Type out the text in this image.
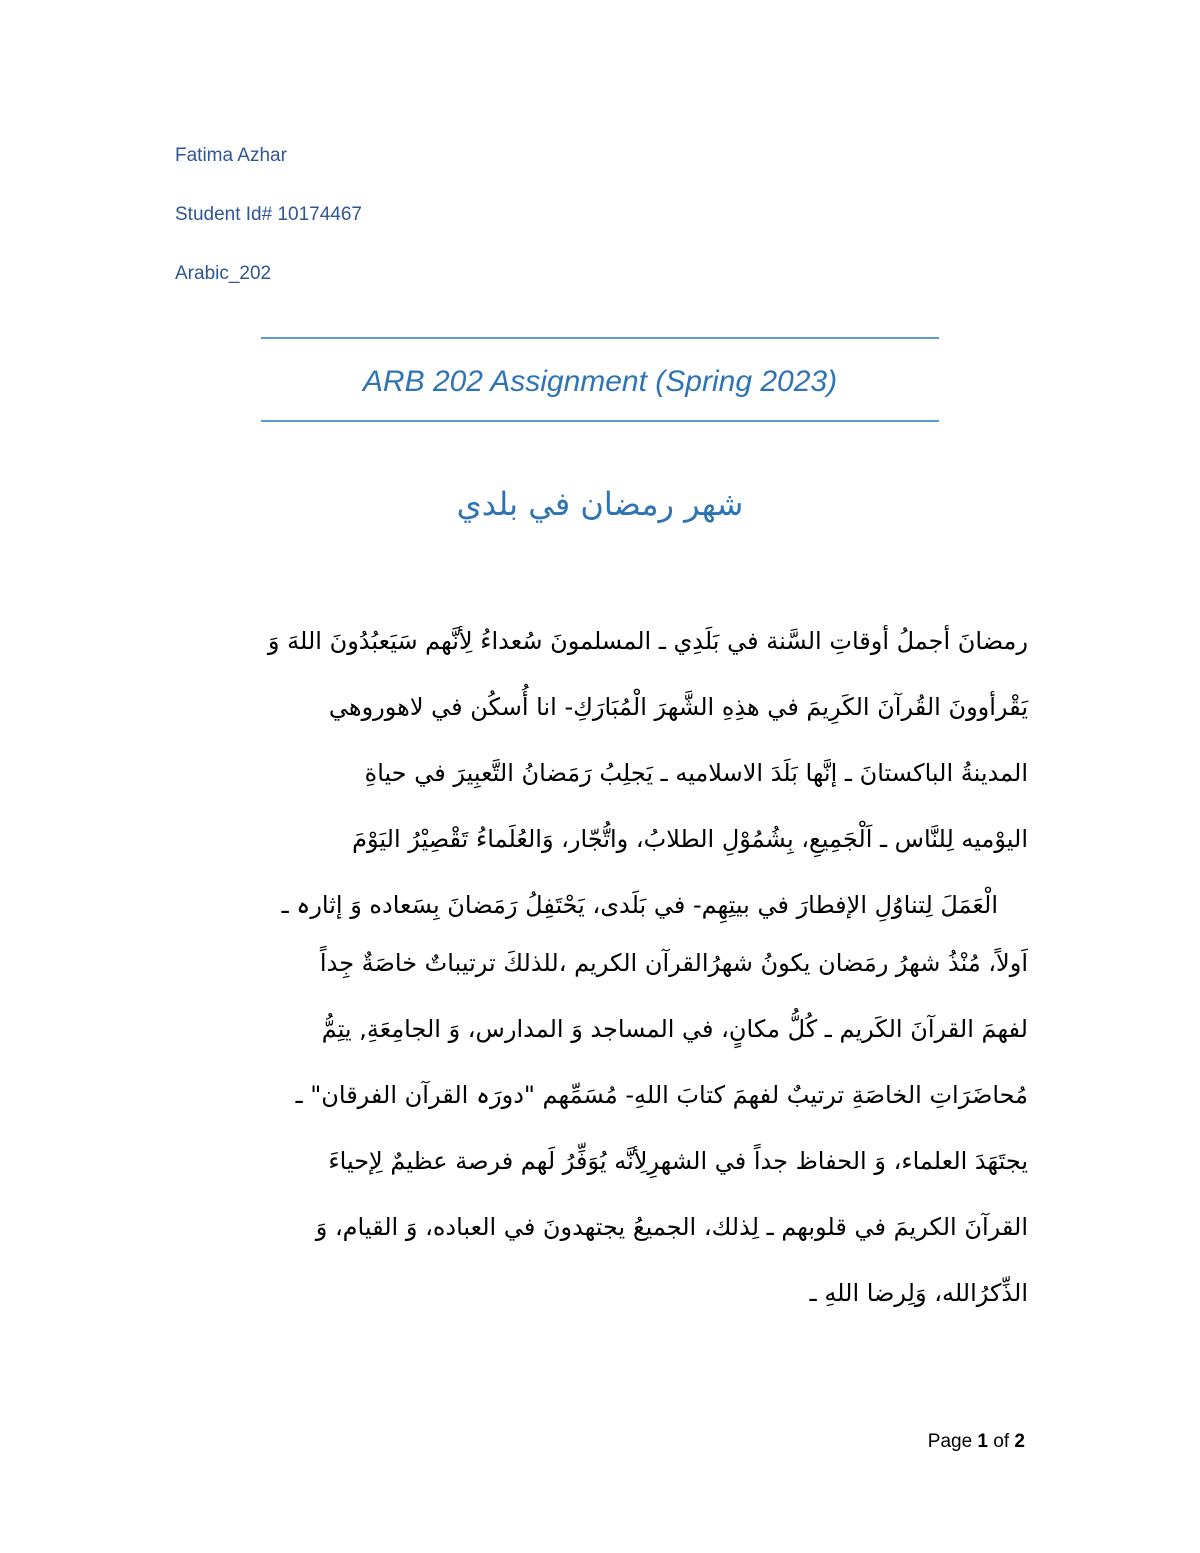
Fatima Azhar
Student Id# 10174467
Arabic_202
ARB 202 Assignment (Spring 2023)
شهر رمضان في بلدي
رمضانَ أجملُ أوقاتِ السَّنة في بَلَدِي ـ المسلمونَ سُعداءُ لِأنَّهم سَيَعبُدُونَ اللهَ وَ
يَقْرأوونَ القُرآنَ الكَرِيمَ في هذِهِ الشَّهرَ الْمُبَارَكِ- انا أُسكُن في لاهوروهي
المدينةُ الباكستانَ ـ إنَّها بَلَدَ الاسلاميه ـ يَجلِبُ رَمَضانُ التَّعبِيرَ في حياةِ
اليوْميه لِلنَّاس ـ اَلْجَمِيعِ، بِشُمُوْلِ الطلابُ، واتُّجّار، وَالعُلَماءُ تَقْصِيْرُ اليَوْمَ
الْعَمَلَ لِتناوُلِ الإفطارَ في بيتِهِم- في بَلَدى، يَحْتَفِلُ رَمَضانَ بِسَعاده وَ إثارہ ـ
اَولاً، مُنْذُ شهرُ رمَضان يكونُ شهرُالقرآن الكريم ،للذلكَ ترتيباتٌ خاصَةٌ جِداً
لفهمَ القرآنَ الكَريم ـ كُلُّ مكانٍ، في المساجد وَ المدارس، وَ الجامِعَةِ, يتِمُّ
مُحاضَرَاتِ الخاصَةِ ترتيبٌ لفهمَ كتابَ اللهِ- مُسَمِّهم "دورَہ القرآن الفرقان" ـ
يجتَهَدَ العلماء، وَ الحفاظ جداً في الشهرِلِأنَّه يُوَفِّرُ لَهم فرصة عظيمٌ لِإحياءَ
القرآنَ الكريمَ في قلوبهم ـ لِذلك، الجميعُ يجتهدونَ في العباده، وَ القيام، وَ
الذِّكرُالله، وَلِرضا اللهِ ـ
Page 1 of 2
